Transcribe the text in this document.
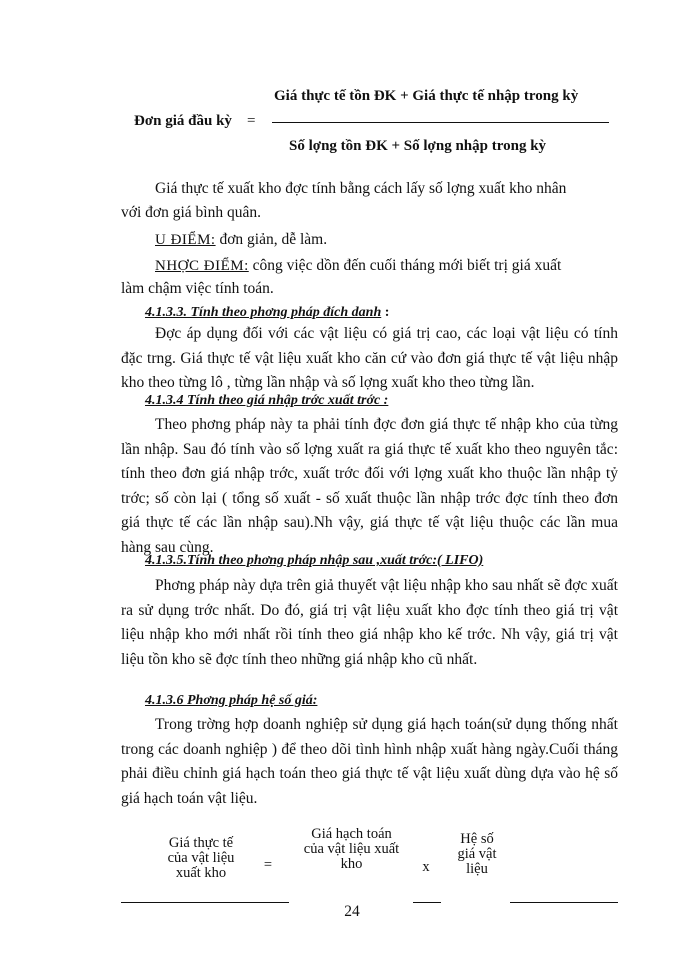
Giá thực tế tồn ĐK + Giá thực tế nhập trong kỳ
Đơn giá đầu kỳ =
Số lợng tồn ĐK + Số lợng nhập trong kỳ
Giá thực tế xuất kho đợc tính bằng cách lấy số lợng xuất kho nhân
với đơn giá bình quân.
U ĐIỂM: đơn giản, dễ làm.
NHỢC ĐIỂM: công việc dồn đến cuối tháng mới biết trị giá xuất
làm chậm việc tính toán.
4.1.3.3. Tính theo phơng pháp đích danh :
Đợc áp dụng đối với các vật liệu có giá trị cao, các loại vật liệu có tính đặc trng. Giá thực tế vật liệu xuất kho căn cứ vào đơn giá thực tế vật liệu nhập kho theo từng lô , từng lần nhập và số lợng xuất kho theo từng lần.
4.1.3.4 Tính theo giá nhập trớc xuất trớc :
Theo phơng pháp này ta phải tính đợc đơn giá thực tế nhập kho của từng lần nhập. Sau đó tính vào số lợng xuất ra giá thực tế xuất kho theo nguyên tắc: tính theo đơn giá nhập trớc, xuất trớc đối với lợng xuất kho thuộc lần nhập tỷ trớc; số còn lại ( tổng số xuất - số xuất thuộc lần nhập trớc đợc tính theo đơn giá thực tế các lần nhập sau).Nh vậy, giá thực tế vật liệu thuộc các lần mua hàng sau cùng.
4.1.3.5.Tính theo phơng pháp nhập sau ,xuất trớc:( LIFO)
Phơng pháp này dựa trên giả thuyết vật liệu nhập kho sau nhất sẽ đợc xuất ra sử dụng trớc nhất. Do đó, giá trị vật liệu xuất kho đợc tính theo giá trị vật liệu nhập kho mới nhất rồi tính theo giá nhập kho kế trớc. Nh vậy, giá trị vật liệu tồn kho sẽ đợc tính theo những giá nhập kho cũ nhất.
4.1.3.6 Phơng pháp hệ số giá:
Trong trờng hợp doanh nghiệp sử dụng giá hạch toán(sử dụng thống nhất trong các doanh nghiệp ) để theo dõi tình hình nhập xuất hàng ngày.Cuối tháng phải điều chỉnh giá hạch toán theo giá thực tế vật liệu xuất dùng dựa vào hệ số giá hạch toán vật liệu.
Giá thực tế
của vật liệu
xuất kho	=
Giá hạch toán
của vật liệu xuất
kho	x
Hệ số
giá vật
liệu
24
